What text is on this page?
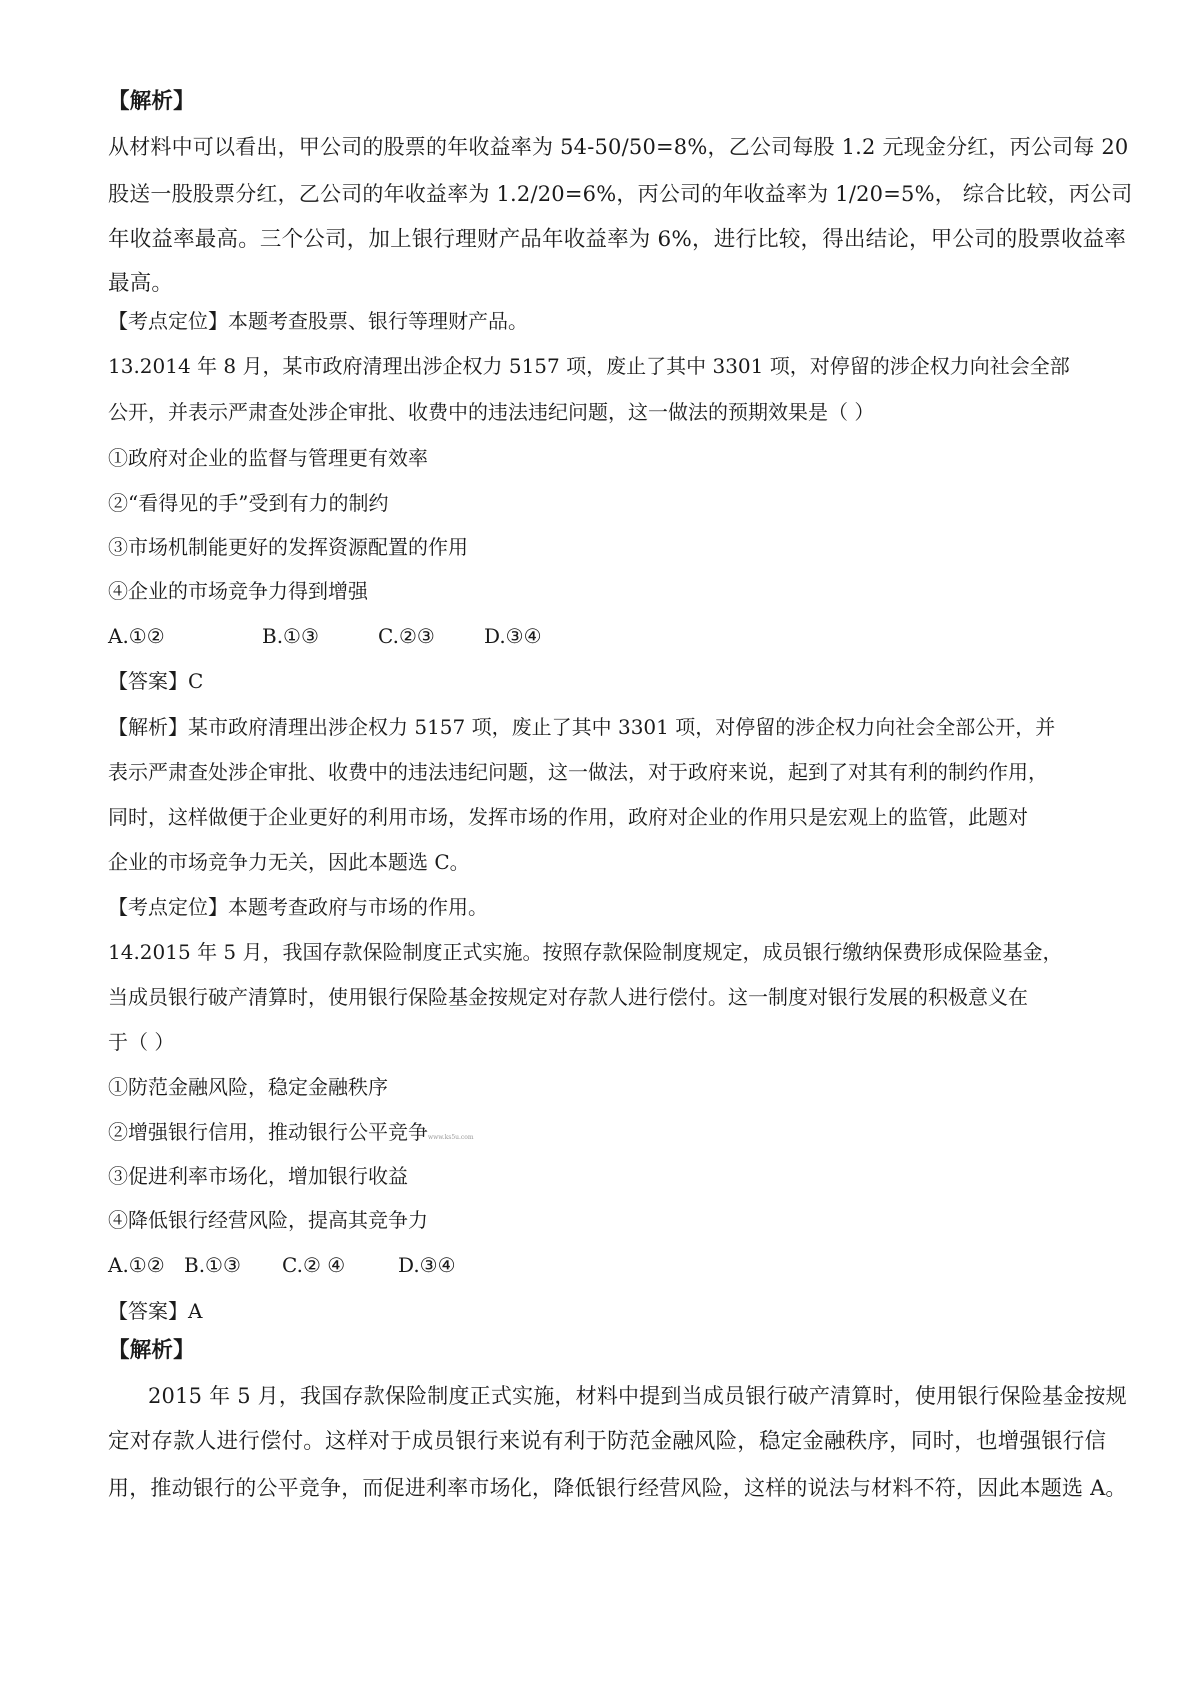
【解析】

从材料中可以看出，甲公司的股票的年收益率为 54-50/50=8%，乙公司每股 1.2 元现金分红，丙公司每 20

股送一股股票分红，乙公司的年收益率为 1.2/20=6%，丙公司的年收益率为 1/20=5%， 综合比较，丙公司

年收益率最高。三个公司，加上银行理财产品年收益率为 6%，进行比较，得出结论，甲公司的股票收益率

最高。

【考点定位】本题考查股票、银行等理财产品。

13.2014 年 8 月，某市政府清理出涉企权力 5157 项，废止了其中 3301 项，对停留的涉企权力向社会全部

公开，并表示严肃查处涉企审批、收费中的违法违纪问题，这一做法的预期效果是（ ）

①政府对企业的监督与管理更有效率

②“看得见的手”受到有力的制约

③市场机制能更好的发挥资源配置的作用

④企业的市场竞争力得到增强

A.①②	B.①③	C.②③ D.③④

【答案】C

【解析】某市政府清理出涉企权力 5157 项，废止了其中 3301 项，对停留的涉企权力向社会全部公开，并

表示严肃查处涉企审批、收费中的违法违纪问题，这一做法，对于政府来说，起到了对其有利的制约作用，

同时，这样做便于企业更好的利用市场，发挥市场的作用，政府对企业的作用只是宏观上的监管，此题对

企业的市场竞争力无关，因此本题选 C。

【考点定位】本题考查政府与市场的作用。

14.2015 年 5 月，我国存款保险制度正式实施。按照存款保险制度规定，成员银行缴纳保费形成保险基金，

当成员银行破产清算时，使用银行保险基金按规定对存款人进行偿付。这一制度对银行发展的积极意义在

于（ ）

①防范金融风险，稳定金融秩序

②增强银行信用，推动银行公平竞争www.ks5u.com

③促进利率市场化，增加银行收益

④降低银行经营风险，提高其竞争力

A.①② B.①③ C.② ④	D.③④

【答案】A

【解析】

2015 年 5 月，我国存款保险制度正式实施，材料中提到当成员银行破产清算时，使用银行保险基金按规

定对存款人进行偿付。这样对于成员银行来说有利于防范金融风险，稳定金融秩序，同时，也增强银行信

用，推动银行的公平竞争，而促进利率市场化，降低银行经营风险，这样的说法与材料不符，因此本题选 A。
